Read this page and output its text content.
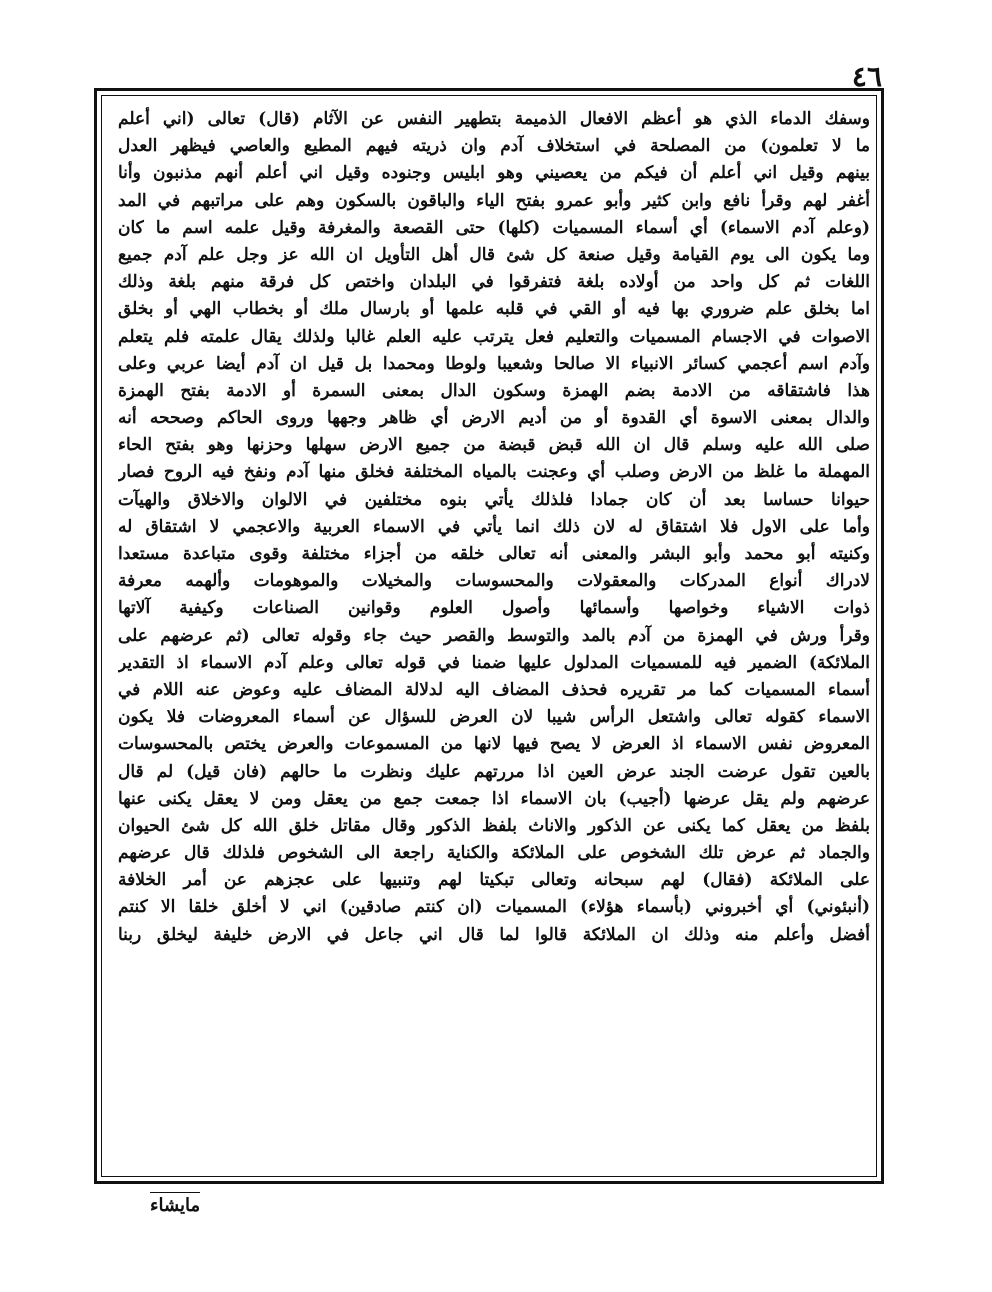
٤٦
وسفك الدماء الذي هو أعظم الافعال الذميمة بتطهير النفس عن الآثام (قال) تعالى (اني أعلم
ما لا تعلمون) من المصلحة في استخلاف آدم وان ذريته فيهم المطيع والعاصي فيظهر العدل
بينهم وقيل اني أعلم أن فيكم من يعصيني وهو ابليس وجنوده وقيل اني أعلم أنهم مذنبون وأنا
أغفر لهم وقرأ نافع وابن كثير وأبو عمرو بفتح الياء والباقون بالسكون وهم على مراتبهم في المد
(وعلم آدم الاسماء) أي أسماء المسميات (كلها) حتى القصعة والمغرفة وقيل علمه اسم ما كان
وما يكون الى يوم القيامة وقيل صنعة كل شئ قال أهل التأويل ان الله عز وجل علم آدم جميع
اللغات ثم كل واحد من أولاده بلغة فتفرقوا في البلدان واختص كل فرقة منهم بلغة وذلك
اما بخلق علم ضروري بها فيه أو القي في قلبه علمها أو بارسال ملك أو بخطاب الهي أو بخلق
الاصوات في الاجسام المسميات والتعليم فعل يترتب عليه العلم غالبا ولذلك يقال علمته فلم يتعلم
وآدم اسم أعجمي كسائر الانبياء الا صالحا وشعيبا ولوطا ومحمدا بل قيل ان آدم أيضا عربي وعلى
هذا فاشتقاقه من الادمة بضم الهمزة وسكون الدال بمعنى السمرة أو الادمة بفتح الهمزة
والدال بمعنى الاسوة أي القدوة أو من أديم الارض أي ظاهر وجهها وروى الحاكم وصححه أنه
صلى الله عليه وسلم قال ان الله قبض قبضة من جميع الارض سهلها وحزنها وهو بفتح الحاء
المهملة ما غلظ من الارض وصلب أي وعجنت بالمياه المختلفة فخلق منها آدم ونفخ فيه الروح فصار
حيوانا حساسا بعد أن كان جمادا فلذلك يأتي بنوه مختلفين في الالوان والاخلاق والهيآت
وأما على الاول فلا اشتقاق له لان ذلك انما يأتي في الاسماء العربية والاعجمي لا اشتقاق له
وكنيته أبو محمد وأبو البشر والمعنى أنه تعالى خلقه من أجزاء مختلفة وقوى متباعدة مستعدا
لادراك أنواع المدركات والمعقولات والمحسوسات والمخيلات والموهومات وألهمه معرفة
ذوات الاشياء وخواصها وأسمائها وأصول العلوم وقوانين الصناعات وكيفية آلاتها
وقرأ ورش في الهمزة من آدم بالمد والتوسط والقصر حيث جاء وقوله تعالى (ثم عرضهم على
الملائكة) الضمير فيه للمسميات المدلول عليها ضمنا في قوله تعالى وعلم آدم الاسماء اذ التقدير
أسماء المسميات كما مر تقريره فحذف المضاف اليه لدلالة المضاف عليه وعوض عنه اللام في
الاسماء كقوله تعالى واشتعل الرأس شيبا لان العرض للسؤال عن أسماء المعروضات فلا يكون
المعروض نفس الاسماء اذ العرض لا يصح فيها لانها من المسموعات والعرض يختص بالمحسوسات
بالعين تقول عرضت الجند عرض العين اذا مررتهم عليك ونظرت ما حالهم (فان قيل) لم قال
عرضهم ولم يقل عرضها (أجيب) بان الاسماء اذا جمعت جمع من يعقل ومن لا يعقل يكنى عنها
بلفظ من يعقل كما يكنى عن الذكور والاناث بلفظ الذكور وقال مقاتل خلق الله كل شئ الحيوان
والجماد ثم عرض تلك الشخوص على الملائكة والكناية راجعة الى الشخوص فلذلك قال عرضهم
على الملائكة (فقال) لهم سبحانه وتعالى تبكيتا لهم وتنبيها على عجزهم عن أمر الخلافة
(أنبئوني) أي أخبروني (بأسماء هؤلاء) المسميات (ان كنتم صادقين) اني لا أخلق خلقا الا كنتم
أفضل وأعلم منه وذلك ان الملائكة قالوا لما قال اني جاعل في الارض خليفة ليخلق ربنا
مايشاء
